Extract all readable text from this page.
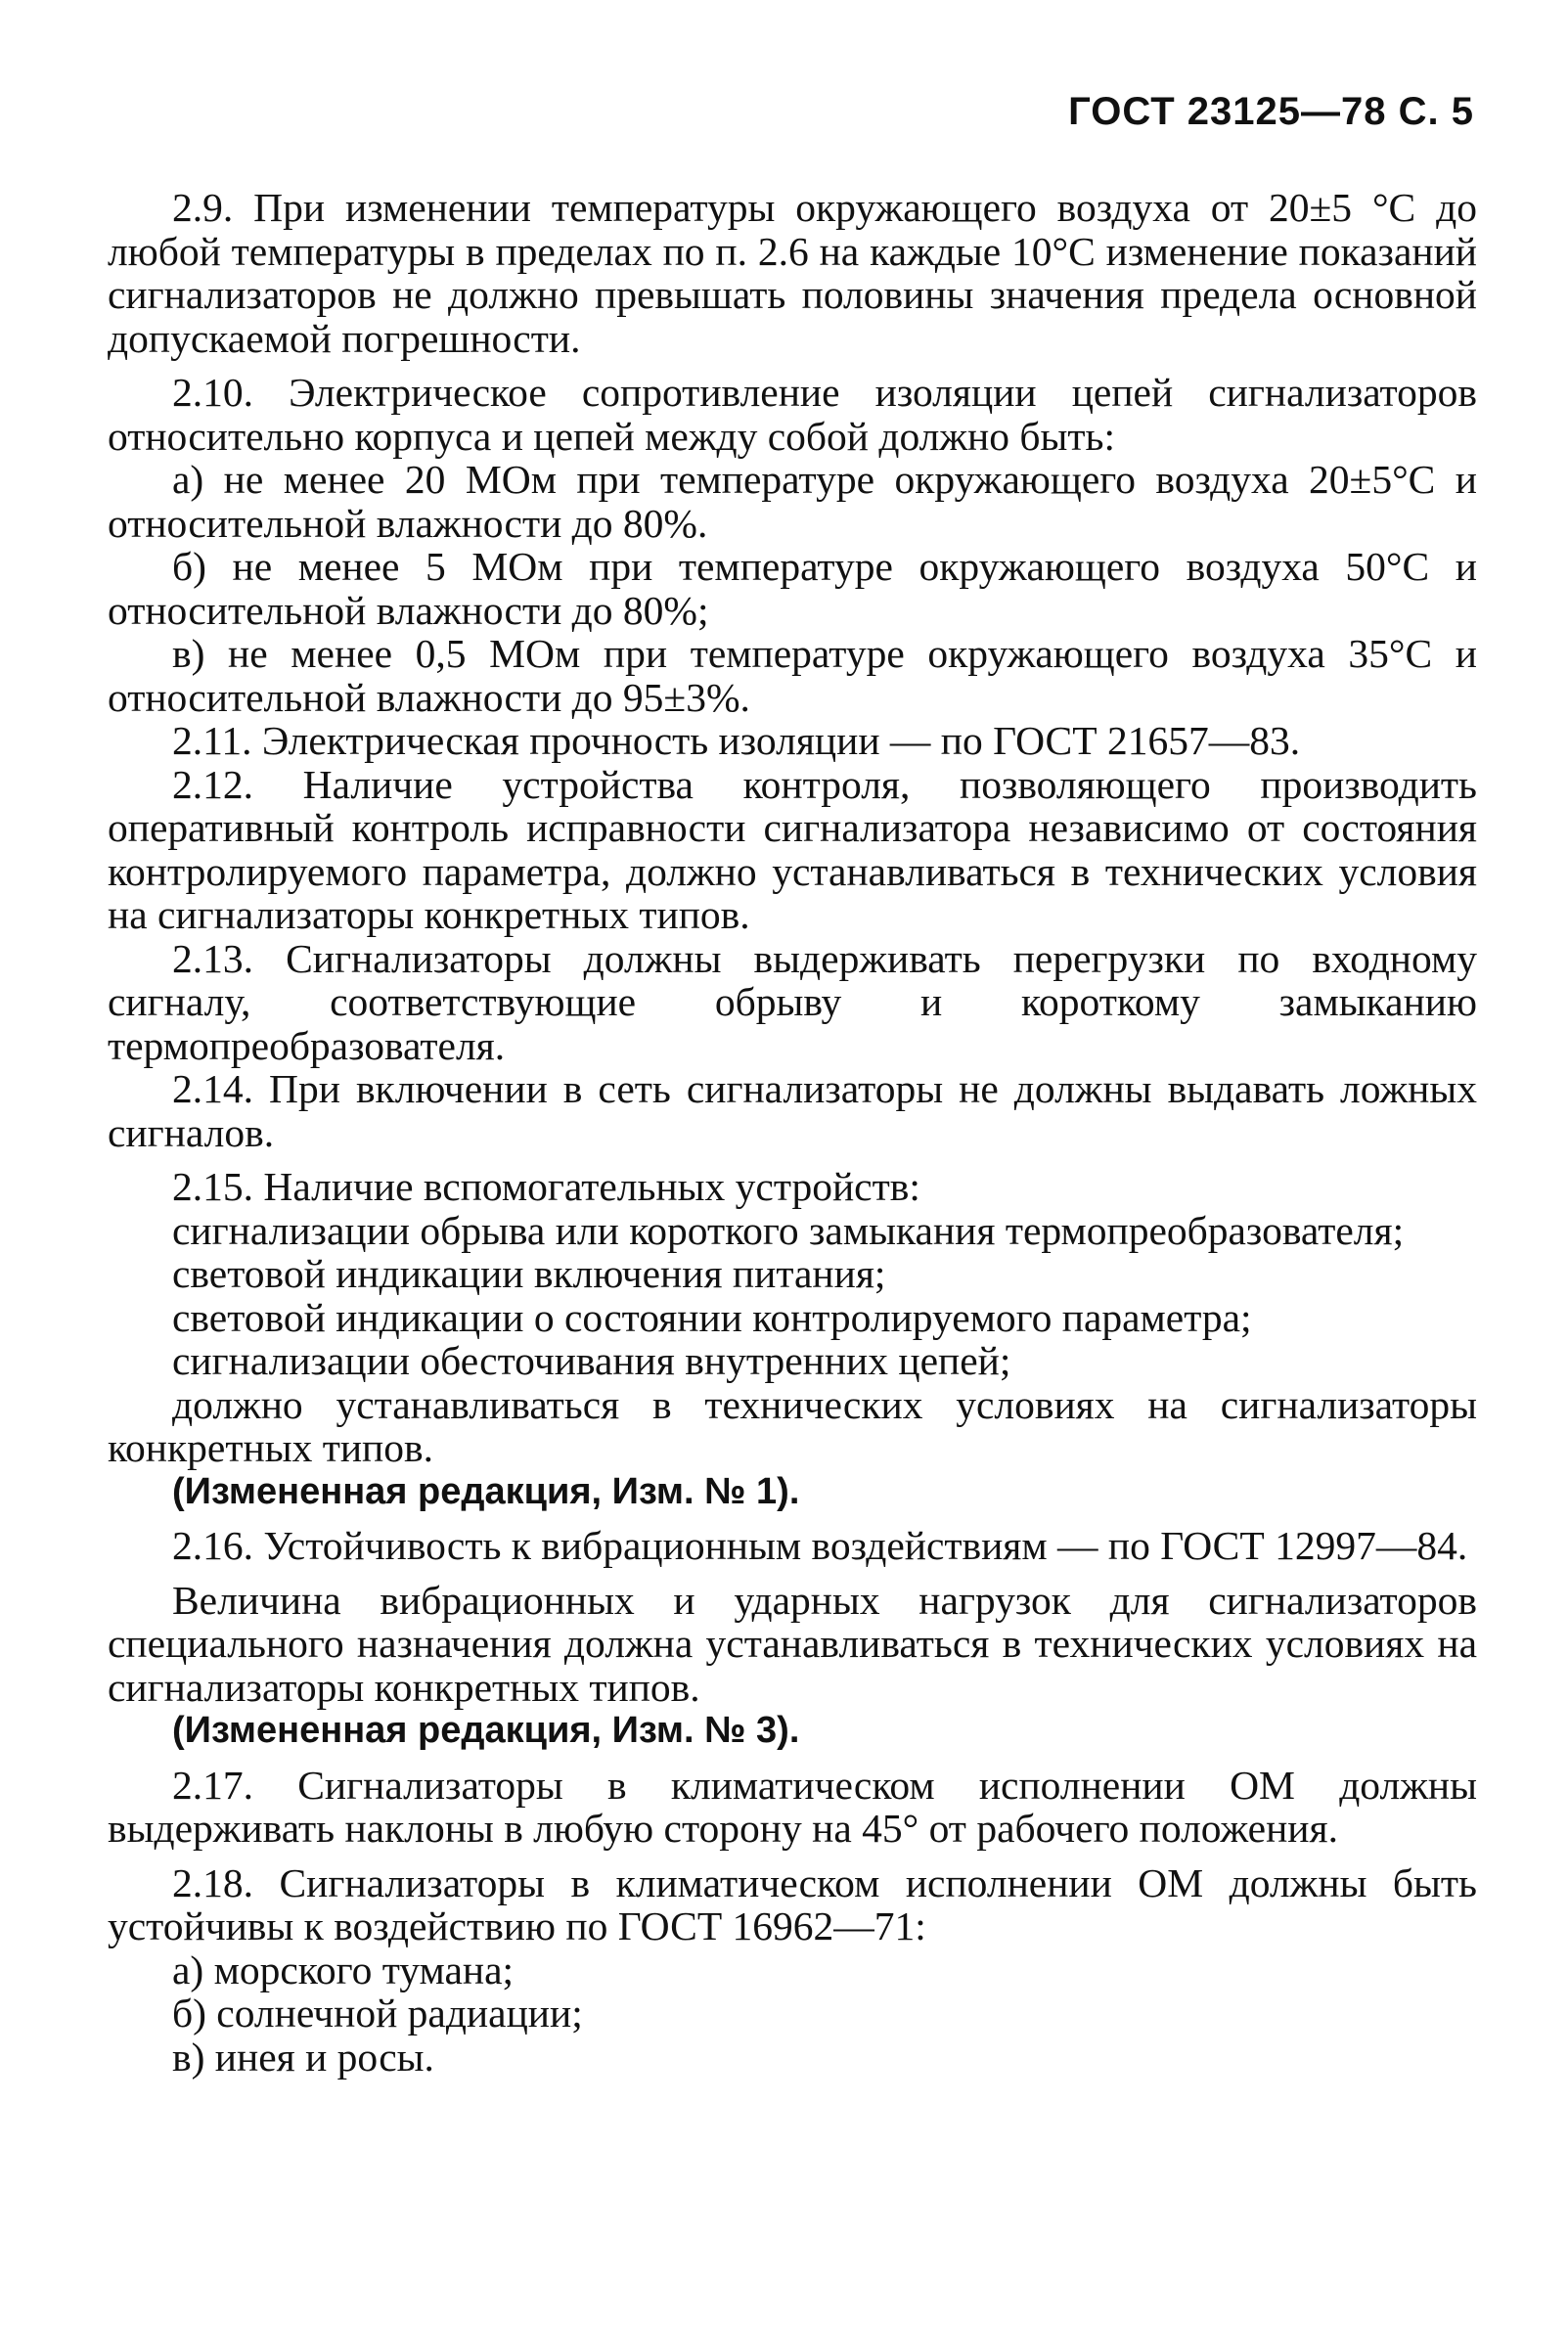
ГОСТ 23125—78 С. 5

2.9. При изменении температуры окружающего воздуха от 20±5 °С до любой температуры в пределах по п. 2.6 на каждые 10°С изменение показаний сигнализаторов не должно превышать половины значения предела основной допускаемой погрешности.

2.10. Электрическое сопротивление изоляции цепей сигнализаторов относительно корпуса и цепей между собой должно быть:

а) не менее 20 МОм при температуре окружающего воздуха 20±5°С и относительной влажности до 80%.

б) не менее 5 МОм при температуре окружающего воздуха 50°С и относительной влажности до 80%;

в) не менее 0,5 МОм при температуре окружающего воздуха 35°С и относительной влажности до 95±3%.

2.11. Электрическая прочность изоляции — по ГОСТ 21657—83.

2.12. Наличие устройства контроля, позволяющего производить оперативный контроль исправности сигнализатора независимо от состояния контролируемого параметра, должно устанавливаться в технических условия на сигнализаторы конкретных типов.

2.13. Сигнализаторы должны выдерживать перегрузки по входному сигналу, соответствующие обрыву и короткому замыканию термопреобразователя.

2.14. При включении в сеть сигнализаторы не должны выдавать ложных сигналов.

2.15. Наличие вспомогательных устройств:

сигнализации обрыва или короткого замыкания термопреобразователя;

световой индикации включения питания;

световой индикации о состоянии контролируемого параметра;

сигнализации обесточивания внутренних цепей;

должно устанавливаться в технических условиях на сигнализаторы конкретных типов.

(Измененная редакция, Изм. № 1).

2.16. Устойчивость к вибрационным воздействиям — по ГОСТ 12997—84.

Величина вибрационных и ударных нагрузок для сигнализаторов специального назначения должна устанавливаться в технических условиях на сигнализаторы конкретных типов.

(Измененная редакция, Изм. № 3).

2.17. Сигнализаторы в климатическом исполнении ОМ должны выдерживать наклоны в любую сторону на 45° от рабочего положения.

2.18. Сигнализаторы в климатическом исполнении ОМ должны быть устойчивы к воздействию по ГОСТ 16962—71:

а) морского тумана;

б) солнечной радиации;

в) инея и росы.
